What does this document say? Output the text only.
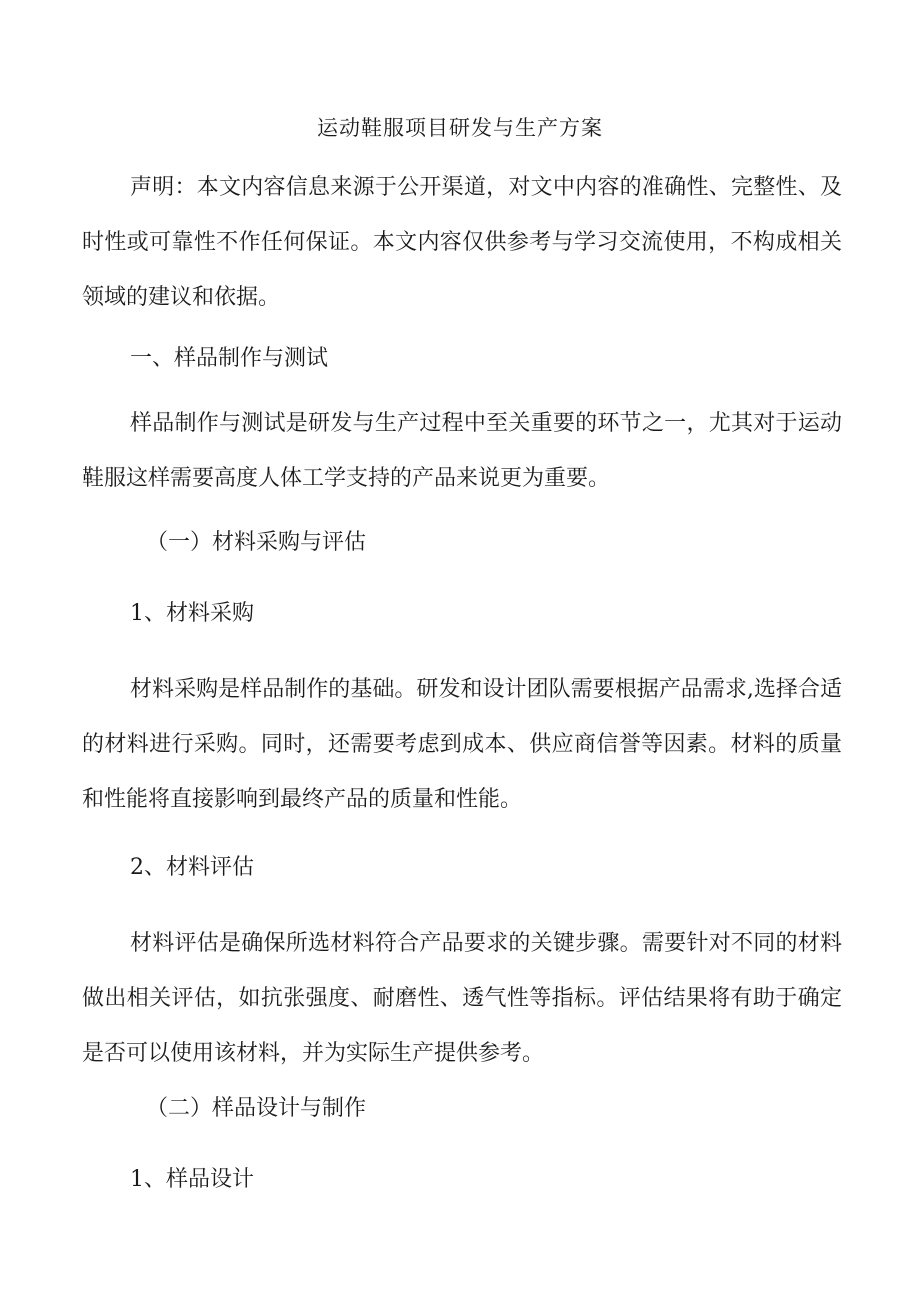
运动鞋服项目研发与生产方案

声明：本文内容信息来源于公开渠道，对文中内容的准确性、完整性、及时性或可靠性不作任何保证。本文内容仅供参考与学习交流使用，不构成相关领域的建议和依据。

一、样品制作与测试

样品制作与测试是研发与生产过程中至关重要的环节之一，尤其对于运动鞋服这样需要高度人体工学支持的产品来说更为重要。

（一）材料采购与评估
1、材料采购

材料采购是样品制作的基础。研发和设计团队需要根据产品需求,选择合适的材料进行采购。同时，还需要考虑到成本、供应商信誉等因素。材料的质量和性能将直接影响到最终产品的质量和性能。

2、材料评估

材料评估是确保所选材料符合产品要求的关键步骤。需要针对不同的材料做出相关评估，如抗张强度、耐磨性、透气性等指标。评估结果将有助于确定是否可以使用该材料，并为实际生产提供参考。

（二）样品设计与制作
1、样品设计
